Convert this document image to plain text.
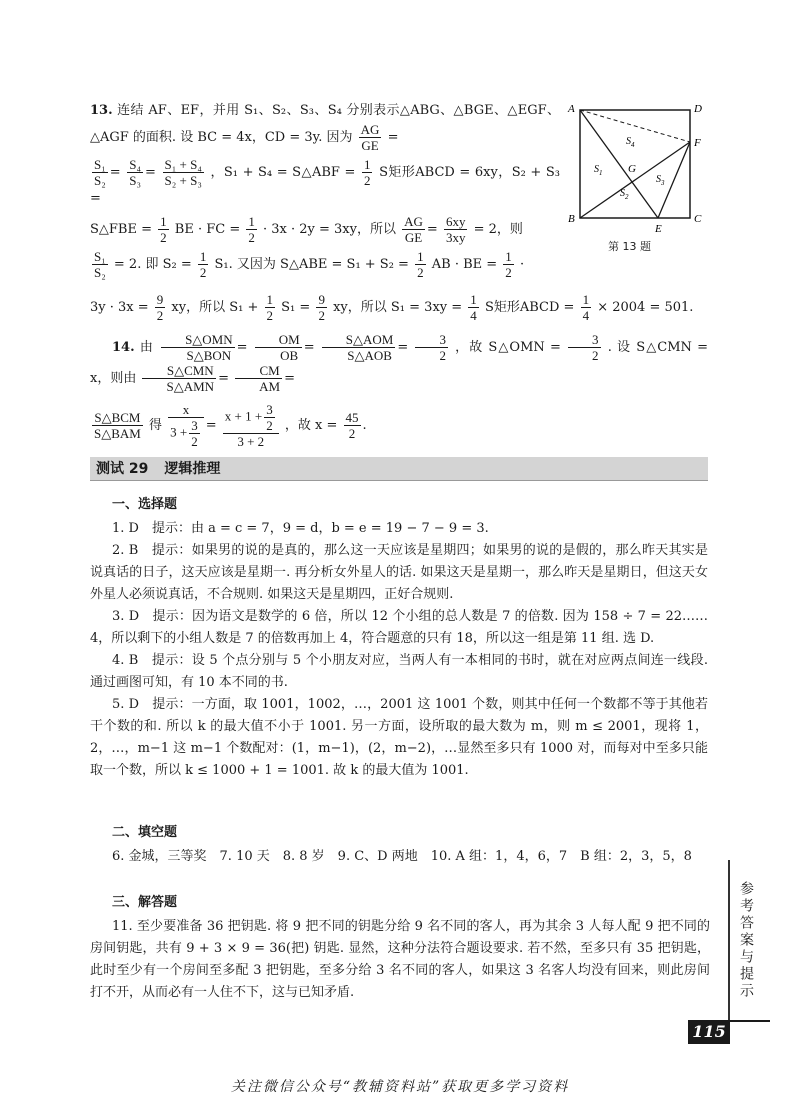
13. 连结 AF、EF，并用 S₁、S₂、S₃、S₄ 分别表示△ABG、△BGE、△EGF、△AGF 的面积. 设 BC = 4x，CD = 3y. 因为 $\frac{AG}{GE}$ =

$\frac{\text{S₁}}{\text{S₂}} = \frac{\text{S₄}}{\text{S₃}} = \frac{\text{S₁ + S₄}}{\text{S₂ + S₃}}$ ，S₁ + S₄ = S△ABF = $\frac{1}{2}$ S矩形ABCD = 6xy，S₂ + S₃ =

S△FBE = $\frac{1}{2}$ BE · FC = $\frac{1}{2} \cdot 3x \cdot 2y = 3xy$，所以 $\frac{AG}{GE} = \frac{6xy}{3xy} = 2$，则

$\frac{\text{S₁}}{\text{S₂}} = 2$. 即 $S_2 = \frac{1}{2} S_1$. 又因为 S△ABE = $S_1 + S_2 = \frac{1}{2}$ AB · BE = $\frac{1}{2}$ ·

$3y \cdot 3x = \frac{9}{2}$ xy，所以 $S_1 + \frac{1}{2} S_1 = \frac{9}{2}$ xy，所以 $S_1 = 3xy = \frac{1}{4}$ S矩形ABCD = $\frac{1}{4} \times 2004 = 501$.

A	D
F
B	C
E
G
$S_4$
$S_1$
$S_2$
$S_3$
第 13 题

14. 由 $\frac{\text{S△OMN}}{\text{S△BON}} = \frac{OM}{OB} = \frac{\text{S△AOM}}{\text{S△AOB}} = \frac{3}{2}$ ，故 S△OMN = $\frac{3}{2}$ . 设 S△CMN = x，则由 $\frac{\text{S△CMN}}{\text{S△AMN}} = \frac{CM}{AM}$ =

$\frac{\text{S△BCM}}{\text{S△BAM}}$ 得 $\frac{x}{3 + \frac{3}{2}} = \frac{x + 1 + \frac{3}{2}}{3 + 2}$ ，故 $x = \frac{45}{2}$ .

测试 29 逻辑推理
一、选择题

1. D　提示：由 a = c = 7，9 = d，b = e = 19 − 7 − 9 = 3.

2. B　提示：如果男的说的是真的，那么这一天应该是星期四；如果男的说的是假的，那么昨天其实是说真话的日子，这天应该是星期一. 再分析女外星人的话. 如果这天是星期一，那么昨天是星期日，但这天女外星人必须说真话，不合规则. 如果这天是星期四，正好合规则.

3. D　提示：因为语文是数学的 6 倍，所以 12 个小组的总人数是 7 的倍数. 因为 158 ÷ 7 = 22……4，所以剩下的小组人数是 7 的倍数再加上 4，符合题意的只有 18，所以这一组是第 11 组. 选 D.

4. B　提示：设 5 个点分别与 5 个小朋友对应，当两人有一本相同的书时，就在对应两点间连一线段. 通过画图可知，有 10 本不同的书.

5. D　提示：一方面，取 1001，1002，…，2001 这 1001 个数，则其中任何一个数都不等于其他若干个数的和. 所以 k 的最大值不小于 1001. 另一方面，设所取的最大数为 m，则 m ≤ 2001，现将 1，2，…，m−1 这 m−1 个数配对：(1，m−1)，(2，m−2)，…显然至多只有 1000 对，而每对中至多只能取一个数，所以 k ≤ 1000 + 1 = 1001. 故 k 的最大值为 1001.

二、填空题

6. 金城，三等奖　7. 10 天　8. 8 岁　9. C、D 两地　10. A 组：1，4，6，7　B 组：2，3，5，8

三、解答题

11. 至少要准备 36 把钥匙. 将 9 把不同的钥匙分给 9 名不同的客人，再为其余 3 人每人配 9 把不同的房间钥匙，共有 9 + 3 × 9 = 36(把) 钥匙. 显然，这种分法符合题设要求. 若不然，至多只有 35 把钥匙，此时至少有一个房间至多配 3 把钥匙，至多分给 3 名不同的客人，如果这 3 名客人均没有回来，则此房间打不开，从而必有一人住不下，这与已知矛盾.	参考答案与提示
115
关注微信公众号“教辅资料站”获取更多学习资料
